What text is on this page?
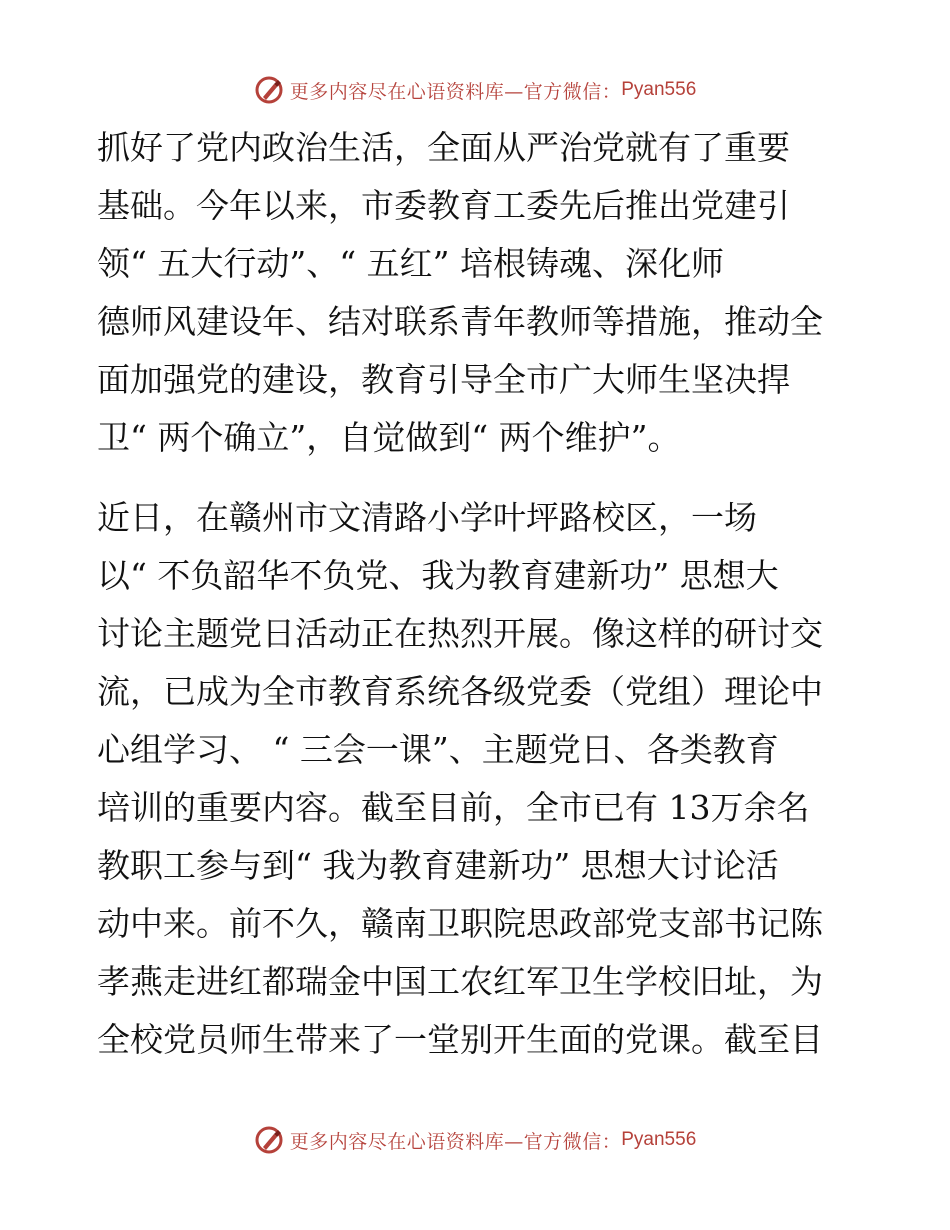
更多内容尽在心语资料库—官方微信： Pyan556
抓好了党内政治生活，全面从严治党就有了重要
基础。今年以来，市委教育工委先后推出党建引
领“ 五大行动”、“ 五红” 培根铸魂、深化师
德师风建设年、结对联系青年教师等措施，推动全
面加强党的建设，教育引导全市广大师生坚决捍
卫“ 两个确立”，自觉做到“ 两个维护”。
近日，在赣州市文清路小学叶坪路校区，一场
以“ 不负韶华不负党、我为教育建新功” 思想大
讨论主题党日活动正在热烈开展。像这样的研讨交
流，已成为全市教育系统各级党委（党组）理论中
心组学习、 “ 三会一课”、主题党日、各类教育
培训的重要内容。截至目前，全市已有 13万余名
教职工参与到“ 我为教育建新功” 思想大讨论活
动中来。前不久，赣南卫职院思政部党支部书记陈
孝燕走进红都瑞金中国工农红军卫生学校旧址，为
全校党员师生带来了一堂别开生面的党课。截至目
更多内容尽在心语资料库—官方微信： Pyan556
